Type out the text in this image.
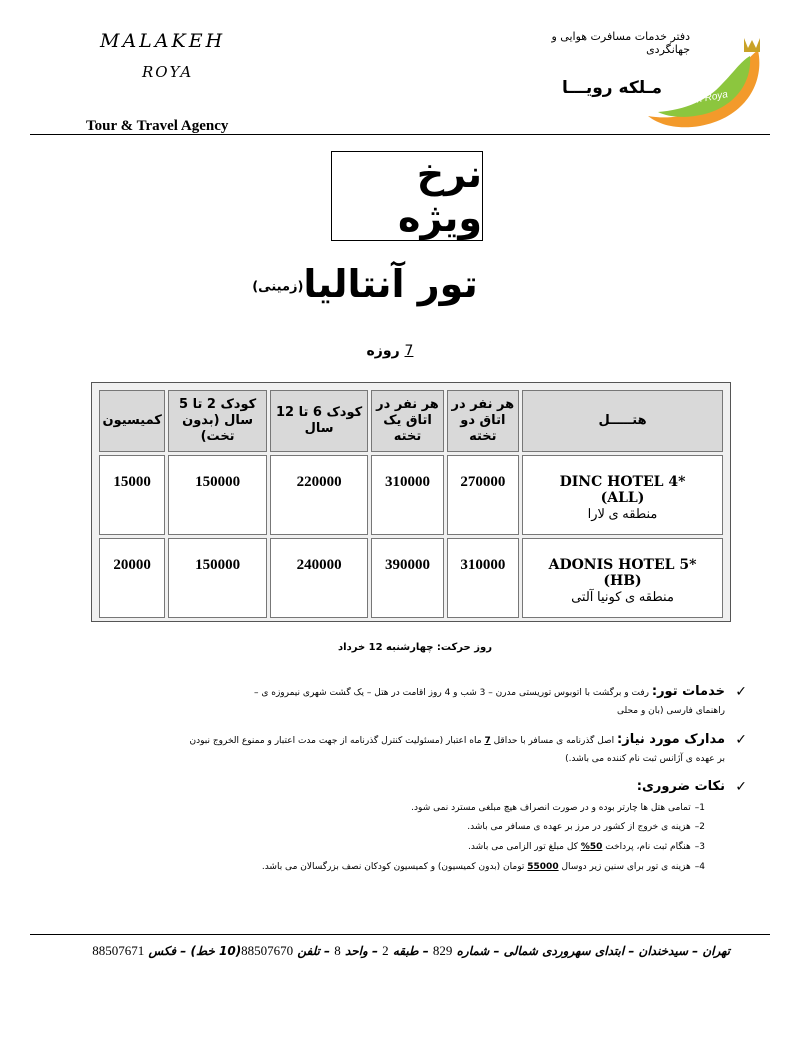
MALAKEH
ROYA
Tour & Travel Agency
دفتر خدمات مسافرت هوایی و جهانگردی
مـلکه رویـــا
Malakeh Roya
نرخ ویژه
تور آنتالیا$^{(زمینی)}$
7 روزه
هتـــــل	هر نفر در اتاق دو تخته	هر نفر در اتاق یک تخته	کودک 6 تا 12 سال	کودک 2 تا 5 سال (بدون تخت)	کمیسیون

DINC HOTEL 4*
(ALL)
منطقه ی لارا	270000	310000	220000	150000	15000

ADONIS HOTEL 5*
(HB)
منطقه ی کونیا آلتی	310000	390000	240000	150000	20000
روز حرکت: چهارشنبه 12 خرداد
✓
خدمات تور: رفت و برگشت با اتوبوس توریستی مدرن – 3 شب و 4 روز اقامت در هتل – یک گشت شهری نیمروزه ی –
راهنمای فارسی (بان و محلی
✓
مدارک مورد نیاز: اصل گذرنامه ی مسافر با حداقل 7 ماه اعتبار (مسئولیت کنترل گذرنامه از جهت مدت اعتبار و ممنوع الخروج نبودن
بر عهده ی آژانس ثبت نام کننده می باشد.)
✓
نکات ضروری:
1–تمامی هتل ها چارتر بوده و در صورت انصراف هیچ مبلغی مسترد نمی شود.
2–هزینه ی خروج از کشور در مرز بر عهده ی مسافر می باشد.
3–هنگام ثبت نام، پرداخت 50% کل مبلغ تور الزامی می باشد.
4–هزینه ی تور برای سنین زیر دوسال 55000 تومان (بدون کمیسیون) و کمیسیون کودکان نصف بزرگسالان می باشد.
تهران – سیدخندان – ابتدای سهروردی شمالی – شماره 829 – طبقه 2 – واحد 8 – تلفن 88507670(10 خط) – فکس 88507671
